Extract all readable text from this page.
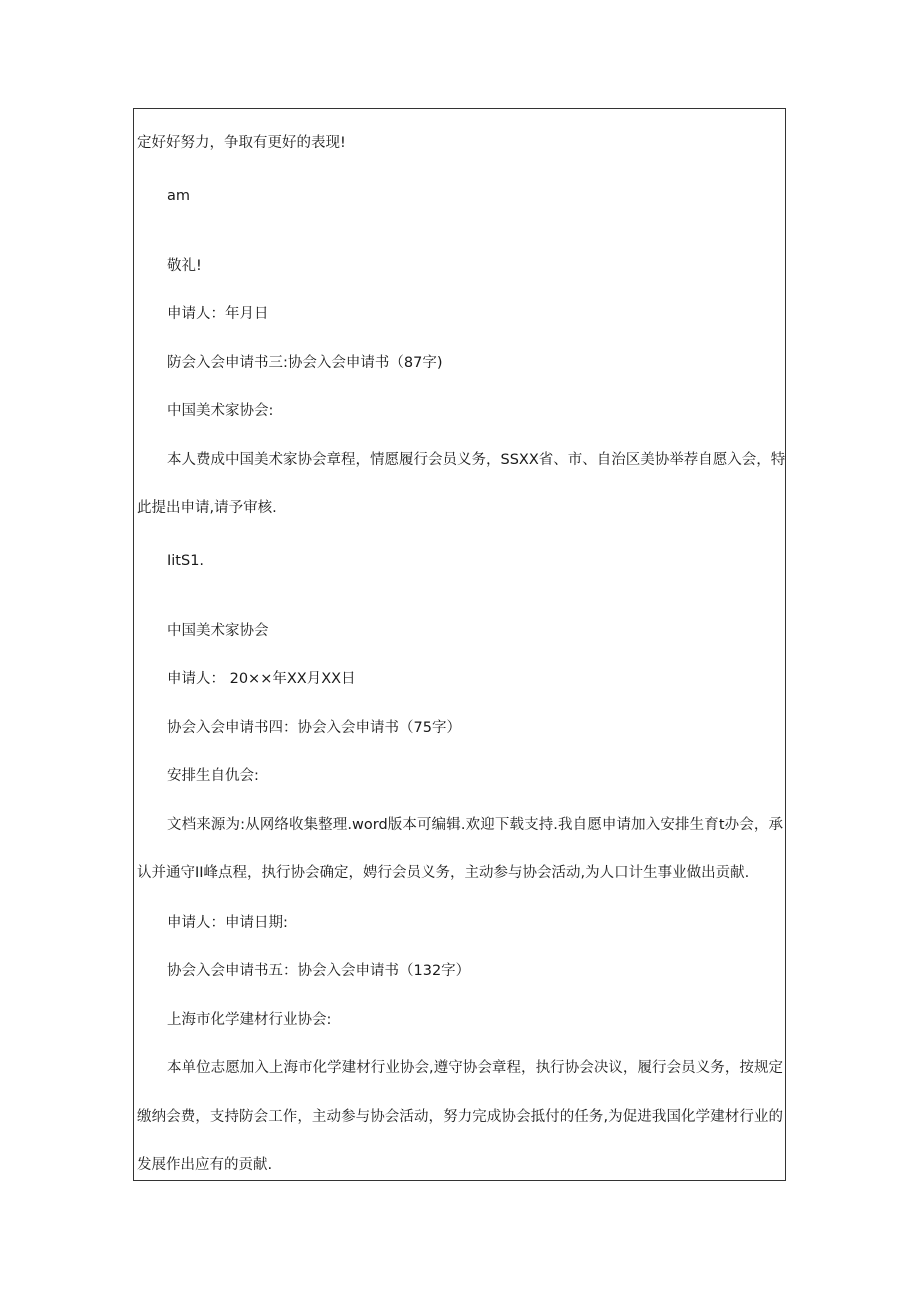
定好好努力，争取有更好的表现!

am

敬礼!

申请人：年月日

防会入会申请书三:协会入会申请书（87字)

中国美术家协会:

本人费成中国美术家协会章程，情愿履行会员义务，SSXX省、市、自治区美协举荐自愿入会，特

此提出申请,请予审核.

IitS1.

中国美术家协会

申请人： 20××年XX月XX日

协会入会申请书四：协会入会申请书（75字）

安排生自仇会:

文档来源为:从网络收集整理.word版本可编辑.欢迎下载支持.我自愿申请加入安排生育t办会，承

认并通守II峰点程，执行协会确定，娉行会员义务，主动参与协会活动,为人口计生事业做出贡献.

申请人：申请日期:

协会入会申请书五：协会入会申请书（132字）

上海市化学建材行业协会:

本单位志愿加入上海市化学建材行业协会,遵守协会章程，执行协会决议，履行会员义务，按规定

缴纳会费，支持防会工作，主动参与协会活动，努力完成协会抵付的任务,为促进我国化学建材行业的

发展作出应有的贡献.
